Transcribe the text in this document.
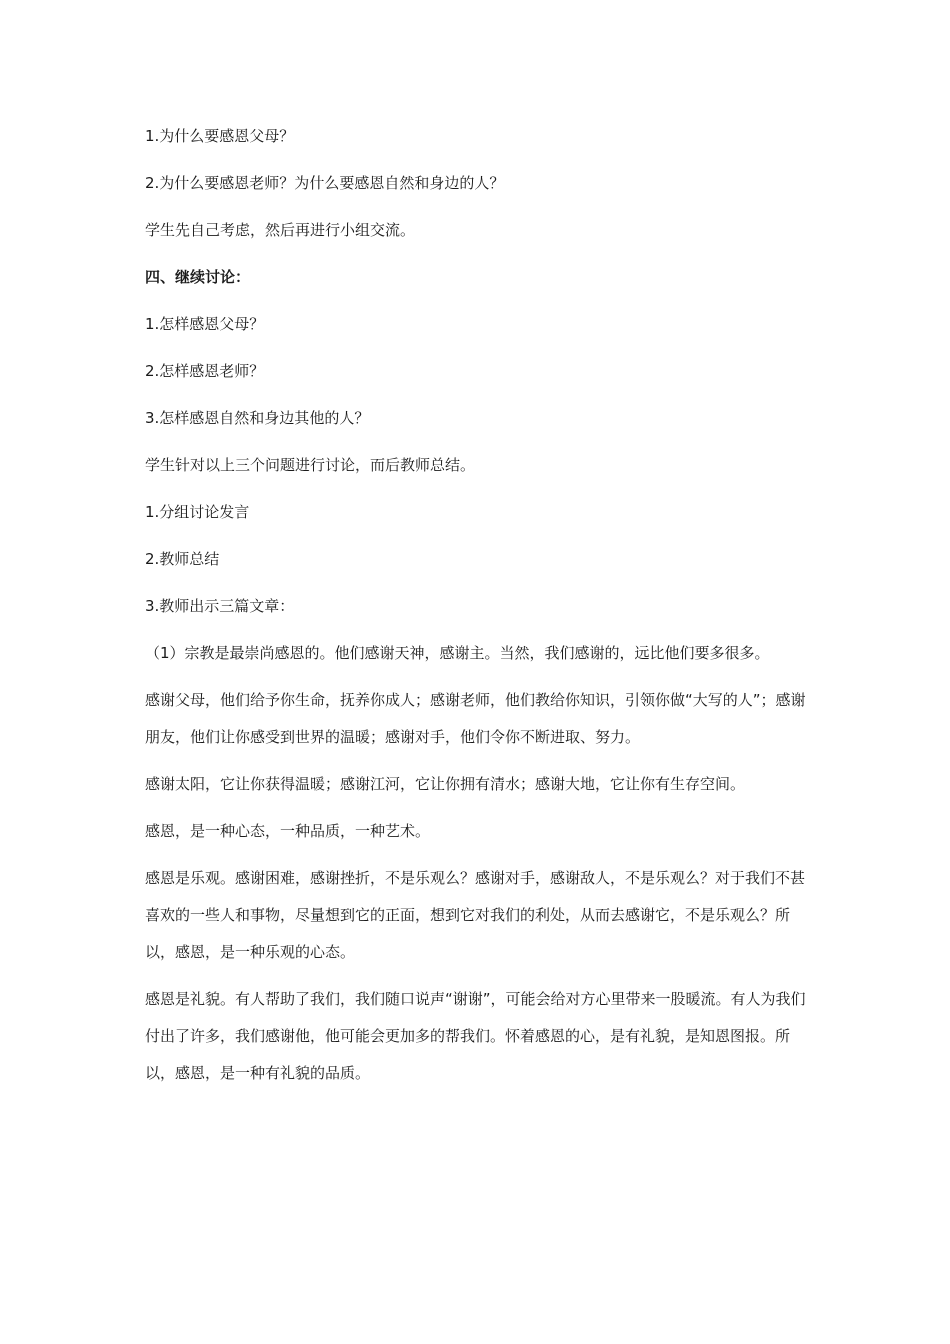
1.为什么要感恩父母？

2.为什么要感恩老师？为什么要感恩自然和身边的人？

学生先自己考虑，然后再进行小组交流。

四、继续讨论：

1.怎样感恩父母？

2.怎样感恩老师？

3.怎样感恩自然和身边其他的人？

学生针对以上三个问题进行讨论，而后教师总结。

1.分组讨论发言

2.教师总结

3.教师出示三篇文章：

（1）宗教是最崇尚感恩的。他们感谢天神，感谢主。当然，我们感谢的，远比他们要多很多。

感谢父母，他们给予你生命，抚养你成人；感谢老师，他们教给你知识，引领你做“大写的人”；感谢朋友，他们让你感受到世界的温暖；感谢对手，他们令你不断进取、努力。

感谢太阳，它让你获得温暖；感谢江河，它让你拥有清水；感谢大地，它让你有生存空间。

感恩，是一种心态，一种品质，一种艺术。

感恩是乐观。感谢困难，感谢挫折，不是乐观么？感谢对手，感谢敌人，不是乐观么？对于我们不甚喜欢的一些人和事物，尽量想到它的正面，想到它对我们的利处，从而去感谢它，不是乐观么？所以，感恩，是一种乐观的心态。

感恩是礼貌。有人帮助了我们，我们随口说声“谢谢”，可能会给对方心里带来一股暖流。有人为我们付出了许多，我们感谢他，他可能会更加多的帮我们。怀着感恩的心，是有礼貌，是知恩图报。所以，感恩，是一种有礼貌的品质。
